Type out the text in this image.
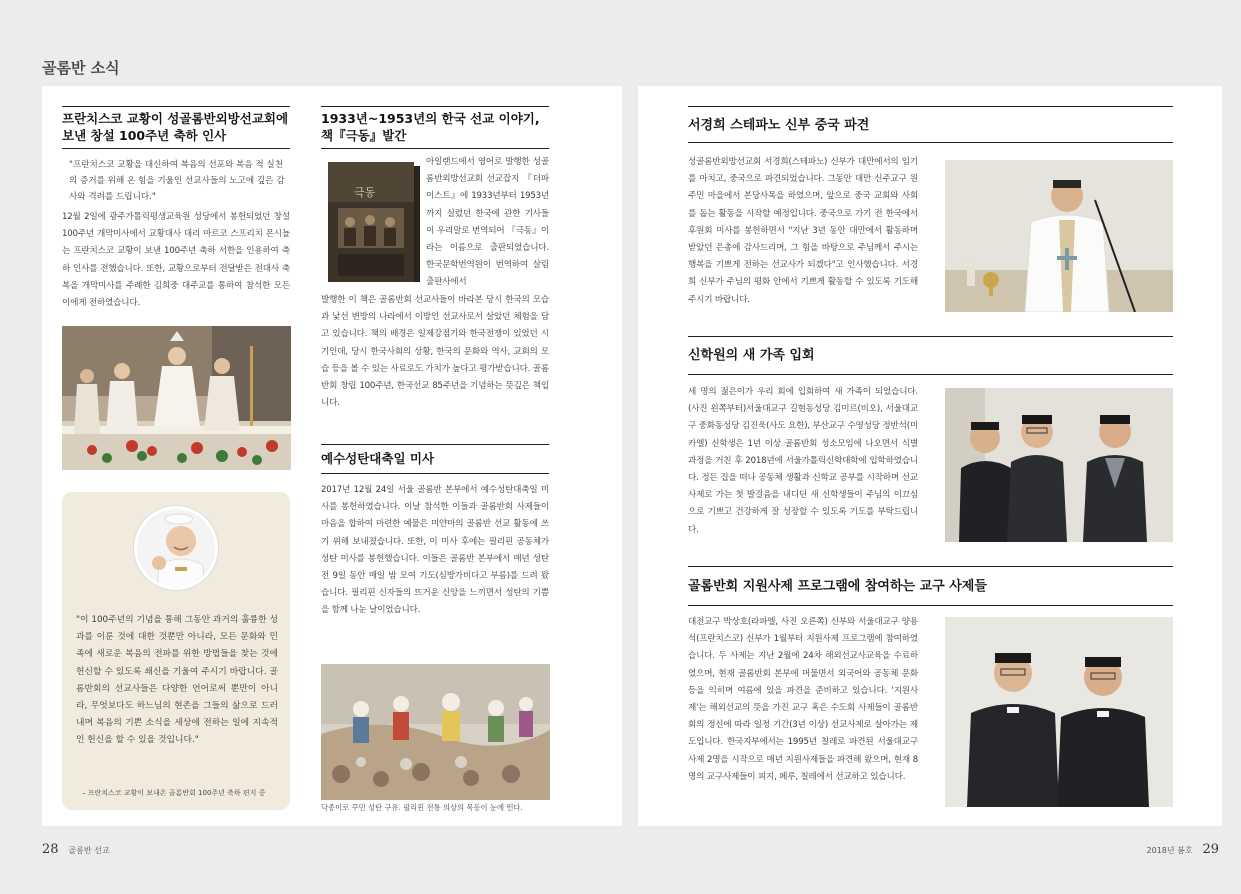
골롬반 소식
프란치스코 교황이 성골롬반외방선교회에 보낸 창설 100주년 축하 인사
"프란치스코 교황을 대신하여 복음의 선포와 복음 적 실천의 증거를 위해 온 힘을 기울인 선교사들의 노고에 깊은 감사와 격려를 드립니다."
12월 2일에 광주가톨릭평생교육원 성당에서 봉헌되었던 창설 100주년 개막미사에서 교황대사 대리 마르코 스프리치 몬시뇰는 프란치스코 교황이 보낸 100주년 축하 서한을 인용하여 축하 인사를 전했습니다. 또한, 교황으로부터 전달받은 전대사 축복을 개막미사를 주례한 김희중 대주교를 통하여 참석한 모든 이에게 전하였습니다.
"이 100주년의 기념을 통해 그동안 과거의 훌륭한 성과를 이룬 것에 대한 것뿐만 아니라, 모든 문화와 민족에 새로운 복음의 전파를 위한 방법들을 찾는 것에 헌신할 수 있도록 쇄신을 기울여 주시기 바랍니다. 골롬반회의 선교사들은 다양한 언어로써 뿐만이 아니라, 무엇보다도 하느님의 현존을 그들의 삶으로 드러내며 복음의 기쁜 소식을 세상에 전하는 일에 지속적인 헌신을 할 수 있을 것입니다."
– 프란치스코 교황이 보내온 골롬반회 100주년 축하 편지 중
1933년~1953년의 한국 선교 이야기, 책『극동』발간
극동
아일랜드에서 영어로 발행한 성골롬반외방선교회 선교잡지 『더파이스트』에 1933년부터 1953년까지 실렸던 한국에 관한 기사들이 우리말로 번역되어 『극동』이라는 이름으로 출판되었습니다. 한국문학번역원이 번역하여 살림출판사에서
발행한 이 책은 골롬반회 선교사들이 바라본 당시 한국의 모습과 낯선 변방의 나라에서 이방인 선교사로서 살았던 체험을 담고 있습니다. 책의 배경은 일제강점기와 한국전쟁이 있었던 시기인데, 당시 한국사회의 상황, 한국의 문화와 역사, 교회의 모습 등을 볼 수 있는 사료로도 가치가 높다고 평가받습니다. 골롬반회 창립 100주년, 한국선교 85주년을 기념하는 뜻깊은 책입니다.
예수성탄대축일 미사
2017년 12월 24일 서울 골롬반 본부에서 예수성탄대축일 미사를 봉헌하였습니다. 이날 참석한 이들과 골롬반회 사제들이 마음을 합하여 마련한 예물은 미얀마의 골롬반 선교 활동에 쓰기 위해 보내졌습니다. 또한, 이 미사 후에는 필리핀 공동체가 성탄 미사를 봉헌했습니다. 이들은 골롬반 본부에서 매년 성탄 전 9일 동안 매일 밤 모여 기도(심방가비다고 부름)를 드려 왔습니다. 필리핀 신자들의 뜨거운 신앙을 느끼면서 성탄의 기쁨을 함께 나눈 날이었습니다.
닥종이로 꾸민 성탄 구유. 필리핀 전통 의상의 목동이 눈에 띈다.
서경희 스테파노 신부 중국 파견
성골롬반외방선교회 서경희(스테파노) 신부가 대만에서의 임기를 마치고, 중국으로 파견되었습니다. 그동안 대만 신주교구 원주민 마을에서 본당사목을 하였으며, 앞으로 중국 교회와 사회를 돕는 활동을 시작할 예정입니다. 중국으로 가기 전 한국에서 후원회 미사를 봉헌하면서 "지난 3년 동안 대만에서 활동하며 받았던 은총에 감사드리며, 그 힘을 바탕으로 주님께서 주시는 행복을 기쁘게 전하는 선교사가 되겠다"고 인사했습니다. 서경희 신부가 주님의 평화 안에서 기쁘게 활동할 수 있도록 기도해 주시기 바랍니다.
신학원의 새 가족 입회
세 명의 젊은이가 우리 회에 입회하여 새 가족이 되었습니다. (사진 왼쪽부터)서울대교구 길현동성당 김미르(비오), 서울대교구 중화동성당 김진욱(사도 요한), 부산교구 수영성당 정반석(미카엘) 신학생은 1년 이상 골롬반회 성소모임에 나오면서 식별 과정을 거친 후 2018년에 서울가톨릭신학대학에 입학하였습니다. 정든 집을 떠나 공동체 생활과 신학교 공부를 시작하며 선교사제로 가는 첫 발걸음을 내디딘 새 신학생들이 주님의 이끄심으로 기쁘고 건강하게 잘 성장할 수 있도록 기도를 부탁드립니다.
골롬반회 지원사제 프로그램에 참여하는 교구 사제들
대전교구 박상호(라파엘, 사진 오른쪽) 신부와 서울대교구 양용석(프란치스코) 신부가 1월부터 지원사제 프로그램에 참여하였습니다. 두 사제는 지난 2월에 24차 해외선교사교육을 수료하였으며, 현재 골롬반회 본부에 머물면서 외국어와 공동체 문화 등을 익히며 여름에 있을 파견을 준비하고 있습니다. '지원사제'는 해외선교의 뜻을 가진 교구 혹은 수도회 사제들이 골롬반회의 정신에 따라 일정 기간(3년 이상) 선교사제로 살아가는 제도입니다. 한국지부에서는 1995년 칠레로 파견된 서울대교구 사제 2명을 시작으로 매년 지원사제들을 파견해 왔으며, 현재 8명의 교구사제들이 피지, 페루, 칠레에서 선교하고 있습니다.
28 골롬반 선교	2018년 봄호 29
